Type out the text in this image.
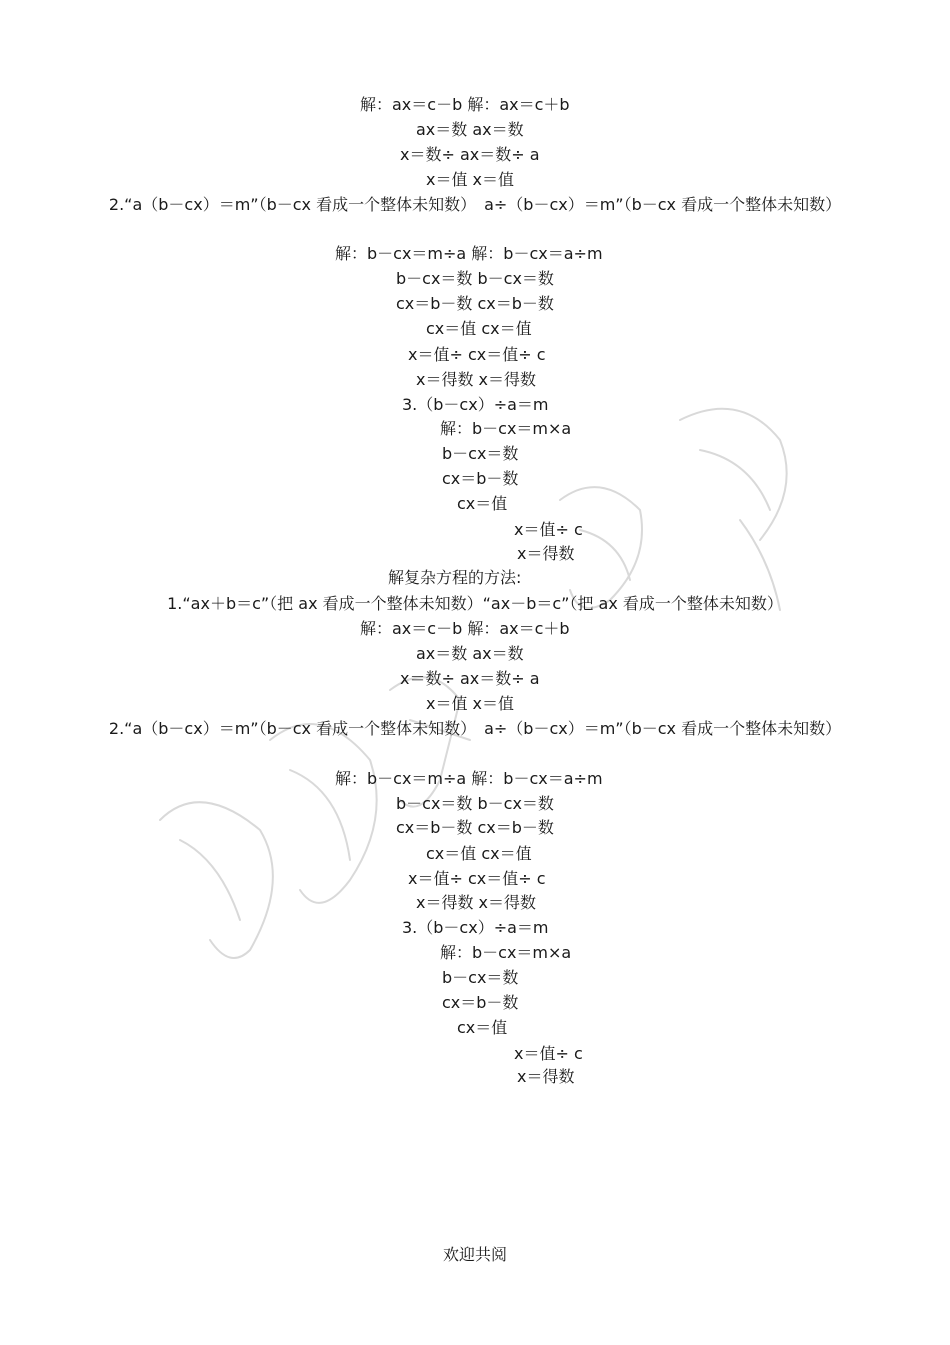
解：ax＝c－b 解：ax＝c＋b
ax＝数 ax＝数
x＝数÷ ax＝数÷ a
x＝值 x＝值
2.“a（b－cx）＝m”（b－cx 看成一个整体未知数）　a÷（b－cx）＝m”（b－cx 看成一个整体未知数）
解：b－cx＝m÷a 解：b－cx＝a÷m
b－cx＝数 b－cx＝数
cx＝b－数 cx＝b－数
cx＝值 cx＝值
x＝值÷ cx＝值÷ c
x＝得数 x＝得数
3.（b－cx）÷a＝m
解：b－cx＝m×a
b－cx＝数
cx＝b－数
cx＝值
x＝值÷ c
x＝得数
解复杂方程的方法:
1.“ax＋b＝c”（把 ax 看成一个整体未知数）“ax－b＝c”（把 ax 看成一个整体未知数）
解：ax＝c－b 解：ax＝c＋b
ax＝数 ax＝数
x＝数÷ ax＝数÷ a
x＝值 x＝值
2.“a（b－cx）＝m”（b－cx 看成一个整体未知数）　a÷（b－cx）＝m”（b－cx 看成一个整体未知数）
解：b－cx＝m÷a 解：b－cx＝a÷m
b－cx＝数 b－cx＝数
cx＝b－数 cx＝b－数
cx＝值 cx＝值
x＝值÷ cx＝值÷ c
x＝得数 x＝得数
3.（b－cx）÷a＝m
解：b－cx＝m×a
b－cx＝数
cx＝b－数
cx＝值
x＝值÷ c
x＝得数
欢迎共阅
